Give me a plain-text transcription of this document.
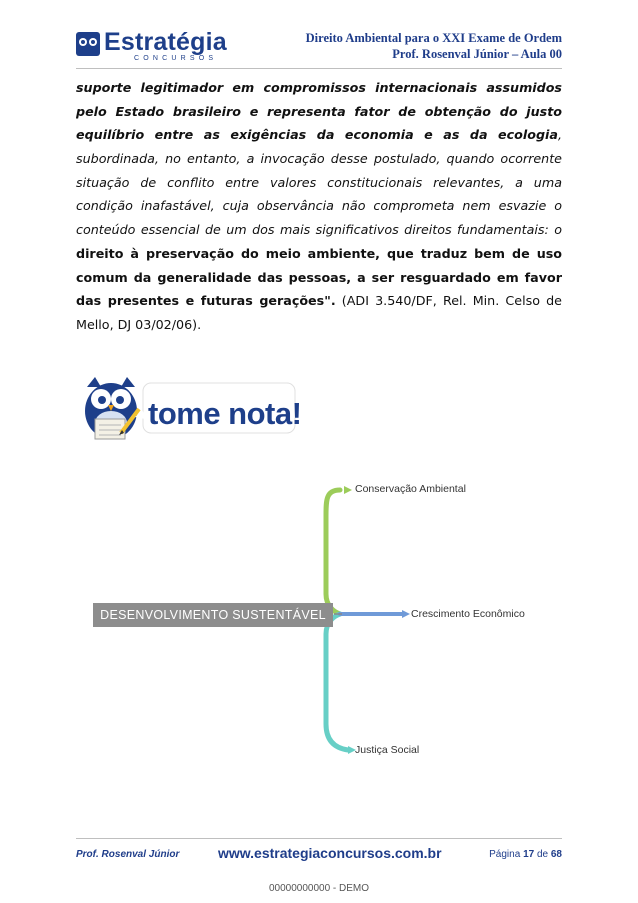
Estratégia
CONCURSOS
Direito Ambiental para o XXI Exame de Ordem
Prof. Rosenval Júnior – Aula 00
suporte legitimador em compromissos internacionais assumidos
pelo Estado brasileiro e representa fator de obtenção do justo
equilíbrio entre as exigências da economia e as da ecologia,
subordinada, no entanto, a invocação desse postulado, quando ocorrente
situação de conflito entre valores constitucionais relevantes, a uma
condição inafastável, cuja observância não comprometa nem esvazie o
conteúdo essencial de um dos mais significativos direitos fundamentais: o
direito à preservação do meio ambiente, que traduz bem de uso
comum da generalidade das pessoas, a ser resguardado em favor
das presentes e futuras gerações". (ADI 3.540/DF, Rel. Min. Celso de
Mello, DJ 03/02/06).
tome nota!
DESENVOLVIMENTO SUSTENTÁVEL
Conservação Ambiental
Crescimento Econômico
Justiça Social
Prof. Rosenval Júnior	www.estrategiaconcursos.com.br	Página 17 de 68
00000000000 - DEMO
